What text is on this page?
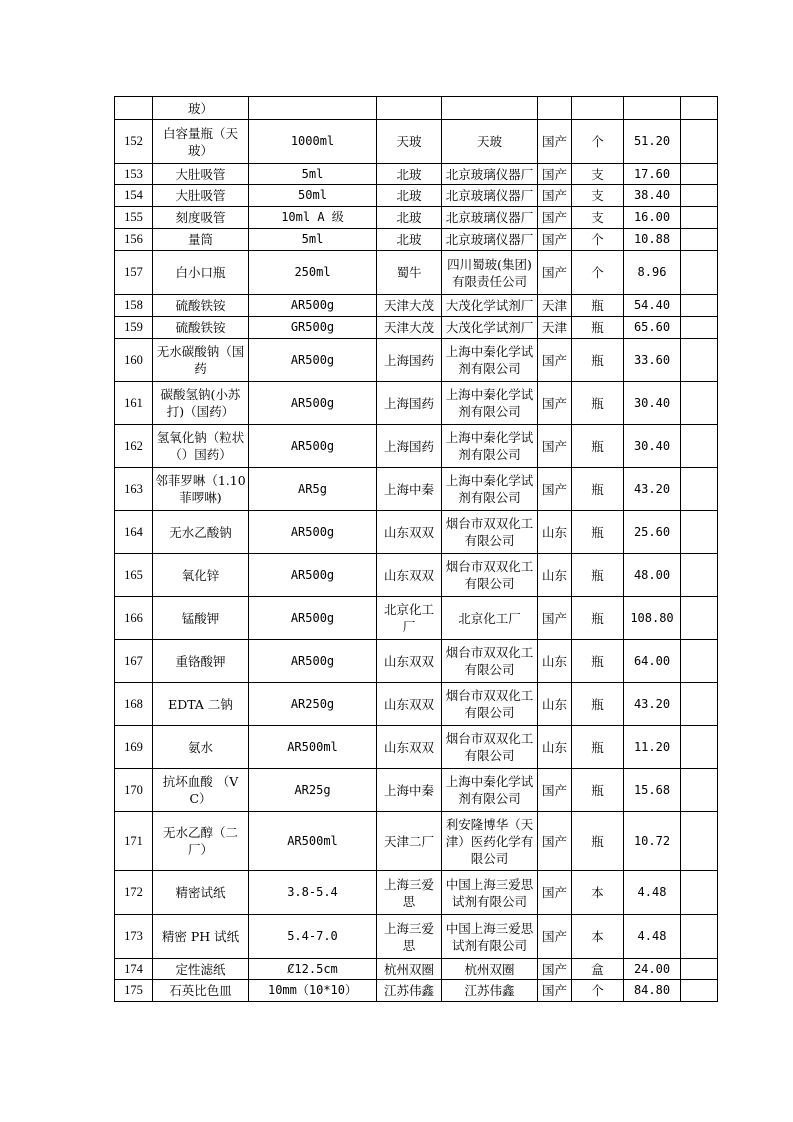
	玻）							
152	白容量瓶（天玻）	1000ml	天玻	天玻	国产	个	51.20	
153	大肚吸管	5ml	北玻	北京玻璃仪器厂	国产	支	17.60	
154	大肚吸管	50ml	北玻	北京玻璃仪器厂	国产	支	38.40	
155	刻度吸管	10ml A 级	北玻	北京玻璃仪器厂	国产	支	16.00	
156	量筒	5ml	北玻	北京玻璃仪器厂	国产	个	10.88	
157	白小口瓶	250ml	蜀牛	四川蜀玻(集团)有限责任公司	国产	个	8.96	
158	硫酸铁铵	AR500g	天津大茂	大茂化学试剂厂	天津	瓶	54.40	
159	硫酸铁铵	GR500g	天津大茂	大茂化学试剂厂	天津	瓶	65.60	
160	无水碳酸钠（国药	AR500g	上海国药	上海中秦化学试剂有限公司	国产	瓶	33.60	
161	碳酸氢钠(小苏打)（国药）	AR500g	上海国药	上海中秦化学试剂有限公司	国产	瓶	30.40	
162	氢氧化钠（粒状（）国药）	AR500g	上海国药	上海中秦化学试剂有限公司	国产	瓶	30.40	
163	邻菲罗啉（1.10菲啰啉)	AR5g	上海中秦	上海中秦化学试剂有限公司	国产	瓶	43.20	
164	无水乙酸钠	AR500g	山东双双	烟台市双双化工有限公司	山东	瓶	25.60	
165	氧化锌	AR500g	山东双双	烟台市双双化工有限公司	山东	瓶	48.00	
166	锰酸钾	AR500g	北京化工厂	北京化工厂	国产	瓶	108.80	
167	重铬酸钾	AR500g	山东双双	烟台市双双化工有限公司	山东	瓶	64.00	
168	EDTA 二钠	AR250g	山东双双	烟台市双双化工有限公司	山东	瓶	43.20	
169	氨水	AR500ml	山东双双	烟台市双双化工有限公司	山东	瓶	11.20	
170	抗坏血酸 （VC）	AR25g	上海中秦	上海中秦化学试剂有限公司	国产	瓶	15.68	
171	无水乙醇（二厂）	AR500ml	天津二厂	利安隆博华（天津）医药化学有限公司	国产	瓶	10.72	
172	精密试纸	3.8-5.4	上海三爱思	中国上海三爱思试剂有限公司	国产	本	4.48	
173	精密 PH 试纸	5.4-7.0	上海三爱思	中国上海三爱思试剂有限公司	国产	本	4.48	
174	定性滤纸	Ȼ12.5cm	杭州双圈	杭州双圈	国产	盒	24.00	
175	石英比色皿	10mm（10*10）	江苏伟鑫	江苏伟鑫	国产	个	84.80	
